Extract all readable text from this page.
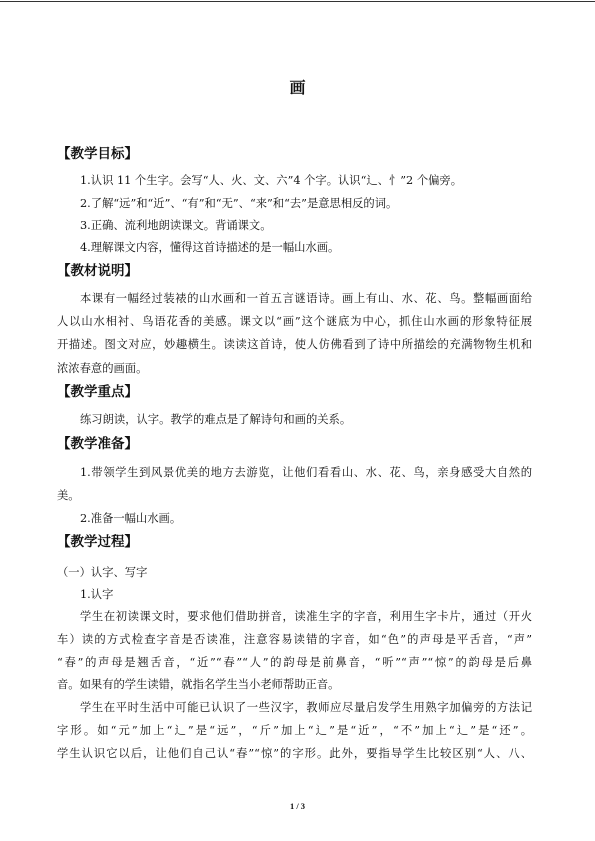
画
【教学目标】
1.认识 11 个生字。会写“人、火、文、六”4 个字。认识“辶、忄”2 个偏旁。
2.了解“远”和“近”、“有”和“无”、“来”和“去”是意思相反的词。
3.正确、流利地朗读课文。背诵课文。
4.理解课文内容，懂得这首诗描述的是一幅山水画。
【教材说明】
本课有一幅经过装裱的山水画和一首五言谜语诗。画上有山、水、花、鸟。整幅画面给
人以山水相衬、鸟语花香的美感。课文以“画”这个谜底为中心，抓住山水画的形象特征展
开描述。图文对应，妙趣横生。读读这首诗，使人仿佛看到了诗中所描绘的充满物物生机和
浓浓春意的画面。
【教学重点】
练习朗读，认字。教学的难点是了解诗句和画的关系。
【教学准备】
1.带领学生到风景优美的地方去游览，让他们看看山、水、花、鸟，亲身感受大自然的
美。
2.准备一幅山水画。
【教学过程】
（一）认字、写字
1.认字
学生在初读课文时，要求他们借助拼音，读准生字的字音，利用生字卡片，通过（开火
车）读的方式检查字音是否读准，注意容易读错的字音，如“色”的声母是平舌音，“声”
“春”的声母是翘舌音，“近”“春”“人”的韵母是前鼻音，“听”“声”“惊”的韵母是后鼻
音。如果有的学生读错，就指名学生当小老师帮助正音。
学生在平时生活中可能已认识了一些汉字，教师应尽量启发学生用熟字加偏旁的方法记
字形。如“元”加上“辶”是“远”，“斤”加上“辶”是“近”，“不”加上“辶”是“还”。
学生认识它以后，让他们自己认“春”“惊”的字形。此外，要指导学生比较区别“人、八、
1 / 3
